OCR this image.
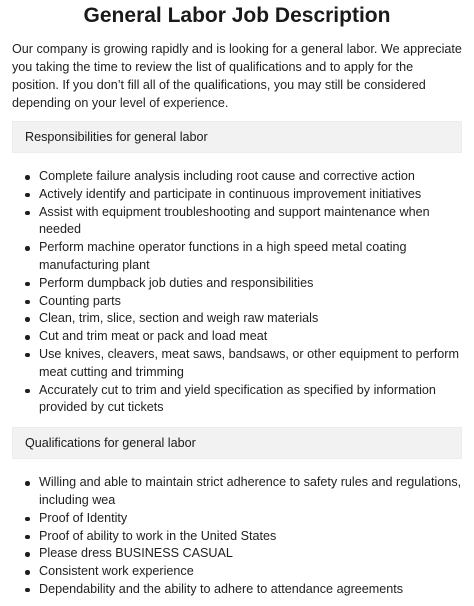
General Labor Job Description

Our company is growing rapidly and is looking for a general labor. We appreciate
you taking the time to review the list of qualifications and to apply for the
position. If you don’t fill all of the qualifications, you may still be considered
depending on your level of experience.

Responsibilities for general labor
Complete failure analysis including root cause and corrective action
Actively identify and participate in continuous improvement initiatives
Assist with equipment troubleshooting and support maintenance when
needed
Perform machine operator functions in a high speed metal coating
manufacturing plant
Perform dumpback job duties and responsibilities
Counting parts
Clean, trim, slice, section and weigh raw materials
Cut and trim meat or pack and load meat
Use knives, cleavers, meat saws, bandsaws, or other equipment to perform
meat cutting and trimming
Accurately cut to trim and yield specification as specified by information
provided by cut tickets
Qualifications for general labor
Willing and able to maintain strict adherence to safety rules and regulations,
including wea
Proof of Identity
Proof of ability to work in the United States
Please dress BUSINESS CASUAL
Consistent work experience
Dependability and the ability to adhere to attendance agreements
